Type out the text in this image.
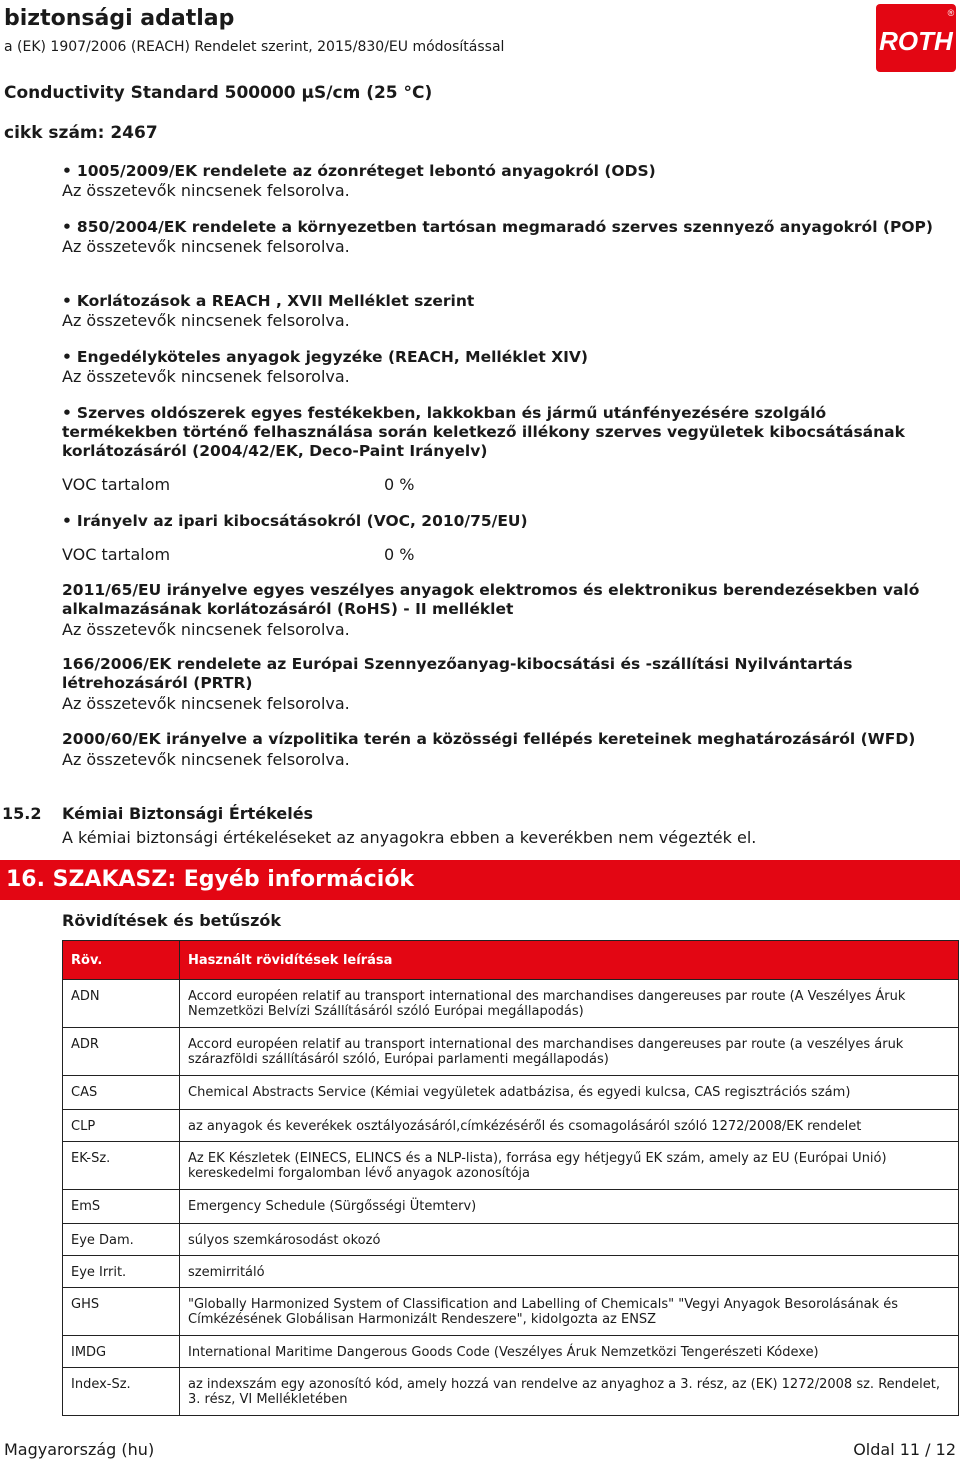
biztonsági adatlap
a (EK) 1907/2006 (REACH) Rendelet szerint, 2015/830/EU módosítással
Conductivity Standard 500000 µS/cm (25 °C)
cikk szám: 2467
ROTH
®
• 1005/2009/EK rendelete az ózonréteget lebontó anyagokról (ODS)
Az összetevők nincsenek felsorolva.
• 850/2004/EK rendelete a környezetben tartósan megmaradó szerves szennyező anyagokról (POP)
Az összetevők nincsenek felsorolva.
• Korlátozások a REACH , XVII Melléklet szerint
Az összetevők nincsenek felsorolva.
• Engedélyköteles anyagok jegyzéke (REACH, Melléklet XIV)
Az összetevők nincsenek felsorolva.
• Szerves oldószerek egyes festékekben, lakkokban és jármű utánfényezésére szolgáló termékekben történő felhasználása során keletkező illékony szerves vegyületek kibocsátásának korlátozásáról (2004/42/EK, Deco-Paint Irányelv)
VOC tartalom	0 %
• Irányelv az ipari kibocsátásokról (VOC, 2010/75/EU)
VOC tartalom	0 %
2011/65/EU irányelve egyes veszélyes anyagok elektromos és elektronikus berendezésekben való alkalmazásának korlátozásáról (RoHS) - II melléklet
Az összetevők nincsenek felsorolva.
166/2006/EK rendelete az Európai Szennyezőanyag-kibocsátási és -szállítási Nyilvántartás létrehozásáról (PRTR)
Az összetevők nincsenek felsorolva.
2000/60/EK irányelve a vízpolitika terén a közösségi fellépés kereteinek meghatározásáról (WFD)
Az összetevők nincsenek felsorolva.
15.2 Kémiai Biztonsági Értékelés
A kémiai biztonsági értékeléseket az anyagokra ebben a keverékben nem végezték el.
16. SZAKASZ: Egyéb információk
Rövidítések és betűszók
Röv.	Használt rövidítések leírása
ADN	Accord européen relatif au transport international des marchandises dangereuses par route (A Veszélyes Áruk Nemzetközi Belvízi Szállításáról szóló Európai megállapodás)
ADR	Accord européen relatif au transport international des marchandises dangereuses par route (a veszélyes áruk szárazföldi szállításáról szóló, Európai parlamenti megállapodás)
CAS	Chemical Abstracts Service (Kémiai vegyületek adatbázisa, és egyedi kulcsa, CAS regisztrációs szám)
CLP	az anyagok és keverékek osztályozásáról,címkézéséről és csomagolásáról szóló 1272/2008/EK rendelet
EK-Sz.	Az EK Készletek (EINECS, ELINCS és a NLP-lista), forrása egy hétjegyű EK szám, amely az EU (Európai Unió) kereskedelmi forgalomban lévő anyagok azonosítója
EmS	Emergency Schedule (Sürgősségi Ütemterv)
Eye Dam.	súlyos szemkárosodást okozó
Eye Irrit.	szemirritáló
GHS	"Globally Harmonized System of Classification and Labelling of Chemicals" "Vegyi Anyagok Besorolásának és Címkézésének Globálisan Harmonizált Rendeszere", kidolgozta az ENSZ
IMDG	International Maritime Dangerous Goods Code (Veszélyes Áruk Nemzetközi Tengerészeti Kódexe)
Index-Sz.	az indexszám egy azonosító kód, amely hozzá van rendelve az anyaghoz a 3. rész, az (EK) 1272/2008 sz. Rendelet, 3. rész, VI Mellékletében
Magyarország (hu)	Oldal 11 / 12
